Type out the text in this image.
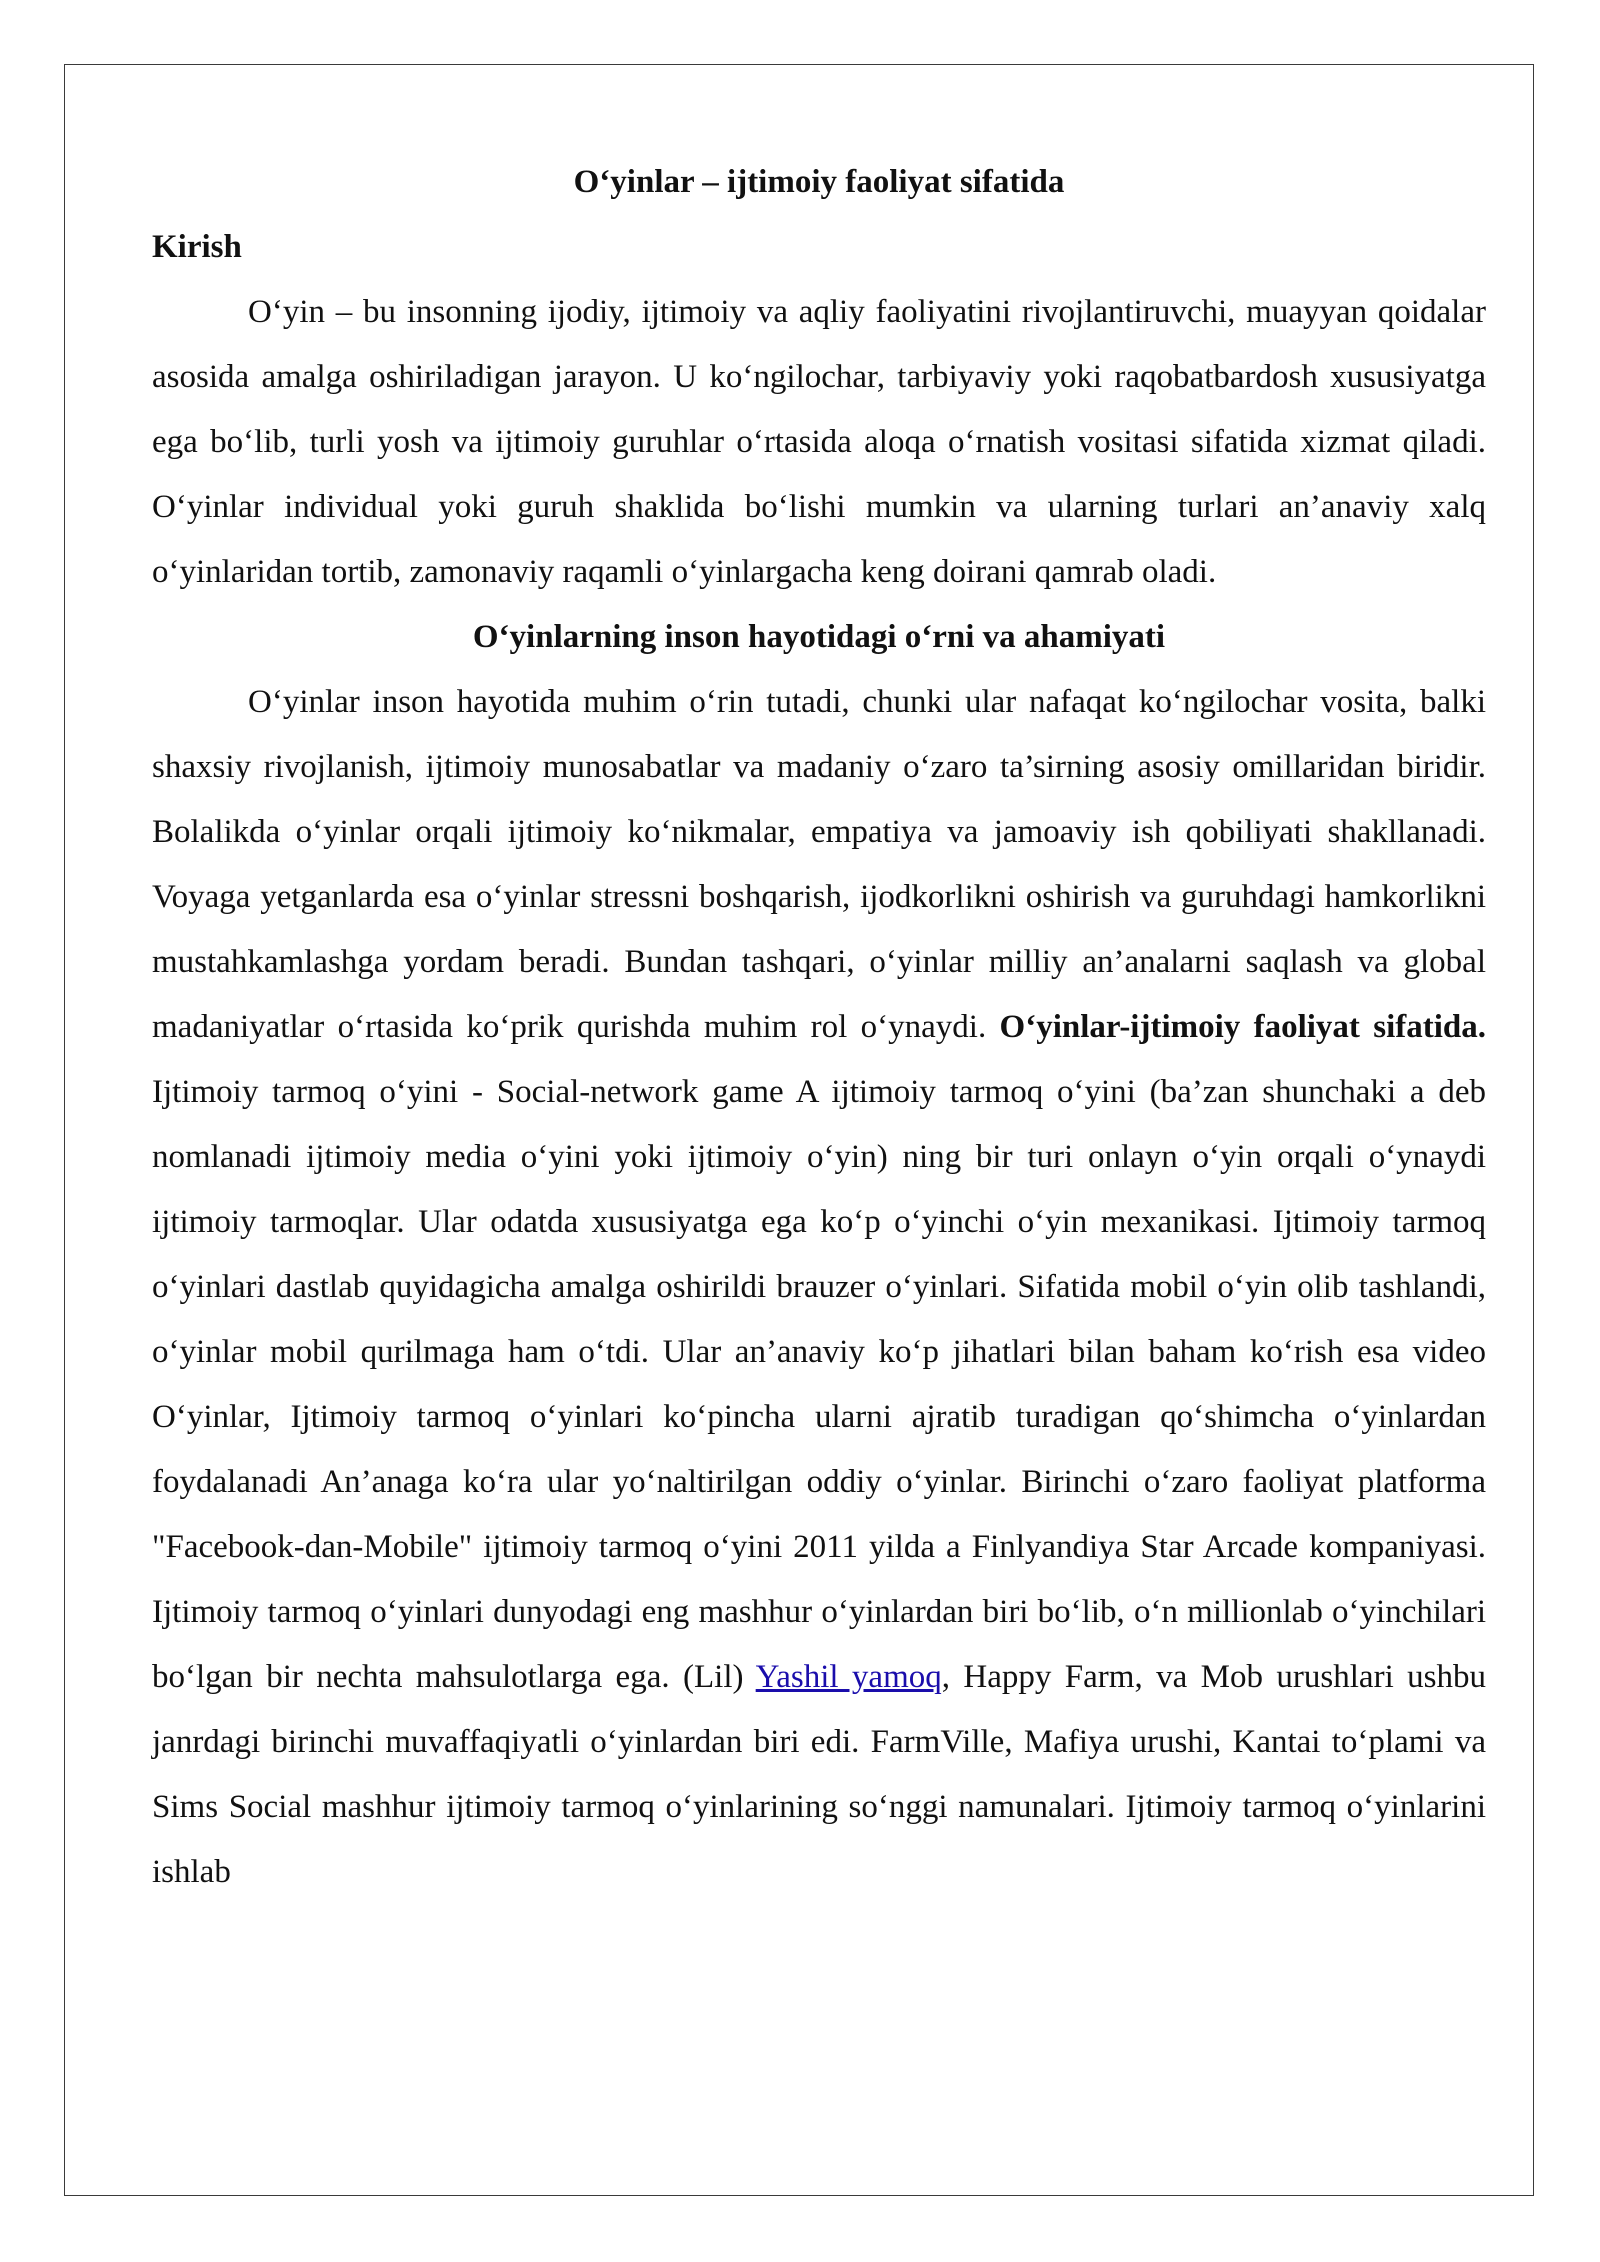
O‘yinlar – ijtimoiy faoliyat sifatida

Kirish

O‘yin – bu insonning ijodiy, ijtimoiy va aqliy faoliyatini rivojlantiruvchi, muayyan qoidalar asosida amalga oshiriladigan jarayon. U ko‘ngilochar, tarbiyaviy yoki raqobatbardosh xususiyatga ega bo‘lib, turli yosh va ijtimoiy guruhlar o‘rtasida aloqa o‘rnatish vositasi sifatida xizmat qiladi. O‘yinlar individual yoki guruh shaklida bo‘lishi mumkin va ularning turlari an’anaviy xalq o‘yinlaridan tortib, zamonaviy raqamli o‘yinlargacha keng doirani qamrab oladi.

O‘yinlarning inson hayotidagi o‘rni va ahamiyati

O‘yinlar inson hayotida muhim o‘rin tutadi, chunki ular nafaqat ko‘ngilochar vosita, balki shaxsiy rivojlanish, ijtimoiy munosabatlar va madaniy o‘zaro ta’sirning asosiy omillaridan biridir. Bolalikda o‘yinlar orqali ijtimoiy ko‘nikmalar, empatiya va jamoaviy ish qobiliyati shakllanadi. Voyaga yetganlarda esa o‘yinlar stressni boshqarish, ijodkorlikni oshirish va guruhdagi hamkorlikni mustahkamlashga yordam beradi. Bundan tashqari, o‘yinlar milliy an’analarni saqlash va global madaniyatlar o‘rtasida ko‘prik qurishda muhim rol o‘ynaydi. O‘yinlar-ijtimoiy faoliyat sifatida. Ijtimoiy tarmoq o‘yini - Social-network game A ijtimoiy tarmoq o‘yini (ba’zan shunchaki a deb nomlanadi ijtimoiy media o‘yini yoki ijtimoiy o‘yin) ning bir turi onlayn o‘yin orqali o‘ynaydi ijtimoiy tarmoqlar. Ular odatda xususiyatga ega ko‘p o‘yinchi o‘yin mexanikasi. Ijtimoiy tarmoq o‘yinlari dastlab quyidagicha amalga oshirildi brauzer o‘yinlari. Sifatida mobil o‘yin olib tashlandi, o‘yinlar mobil qurilmaga ham o‘tdi. Ular an’anaviy ko‘p jihatlari bilan baham ko‘rish esa video O‘yinlar, Ijtimoiy tarmoq o‘yinlari ko‘pincha ularni ajratib turadigan qo‘shimcha o‘yinlardan foydalanadi An’anaga ko‘ra ular yo‘naltirilgan oddiy o‘yinlar. Birinchi o‘zaro faoliyat platforma "Facebook-dan-Mobile" ijtimoiy tarmoq o‘yini 2011 yilda a Finlyandiya Star Arcade kompaniyasi. Ijtimoiy tarmoq o‘yinlari dunyodagi eng mashhur o‘yinlardan biri bo‘lib, o‘n millionlab o‘yinchilari bo‘lgan bir nechta mahsulotlarga ega. (Lil) Yashil yamoq, Happy Farm, va Mob urushlari ushbu janrdagi birinchi muvaffaqiyatli o‘yinlardan biri edi. FarmVille, Mafiya urushi, Kantai to‘plami va Sims Social mashhur ijtimoiy tarmoq o‘yinlarining so‘nggi namunalari. Ijtimoiy tarmoq o‘yinlarini ishlab
